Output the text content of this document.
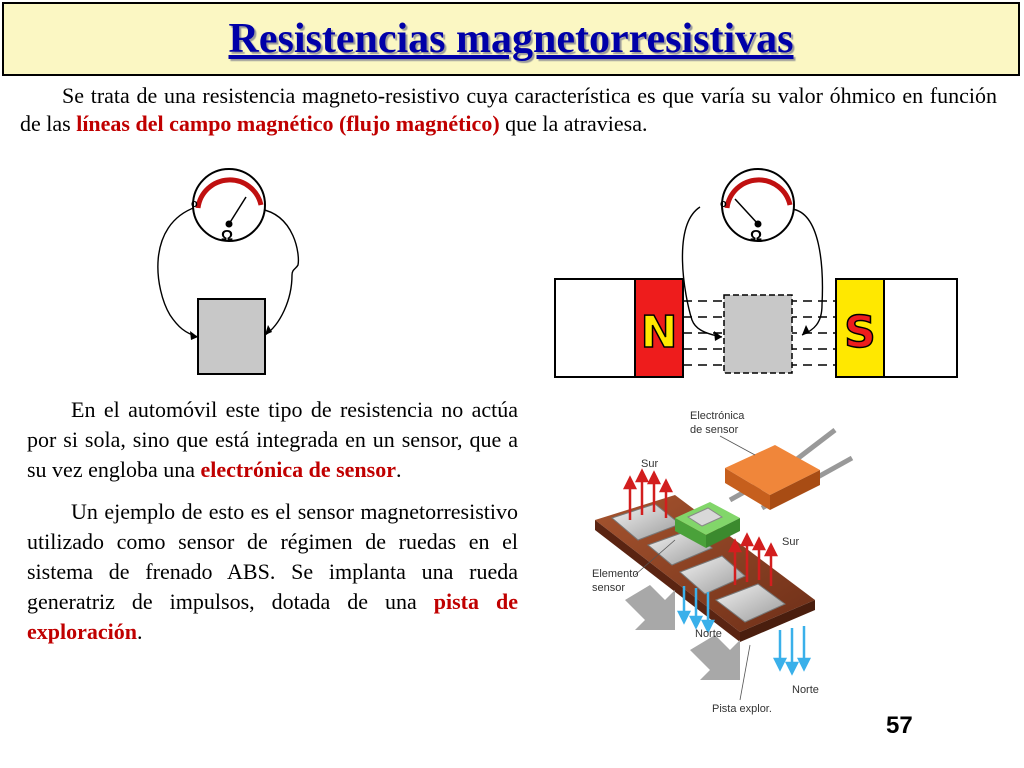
Resistencias magnetorresistivas

Se trata de una resistencia magneto-resistivo cuya característica es que varía su valor óhmico en función de las líneas del campo magnético (flujo magnético) que la atraviesa.

o
Ω
o
Ω
N	S

En el automóvil este tipo de resistencia no actúa por si sola, sino que está integrada en un sensor, que a su vez engloba una electrónica de sensor.

Un ejemplo de esto es el sensor magnetorresistivo utilizado como sensor de régimen de ruedas en el sistema de frenado ABS. Se implanta una rueda generatriz de impulsos, dotada de una pista de exploración.

Electrónica
de sensor
Sur
Sur
Elemento
sensor
Norte
Norte
Pista explor.
57
